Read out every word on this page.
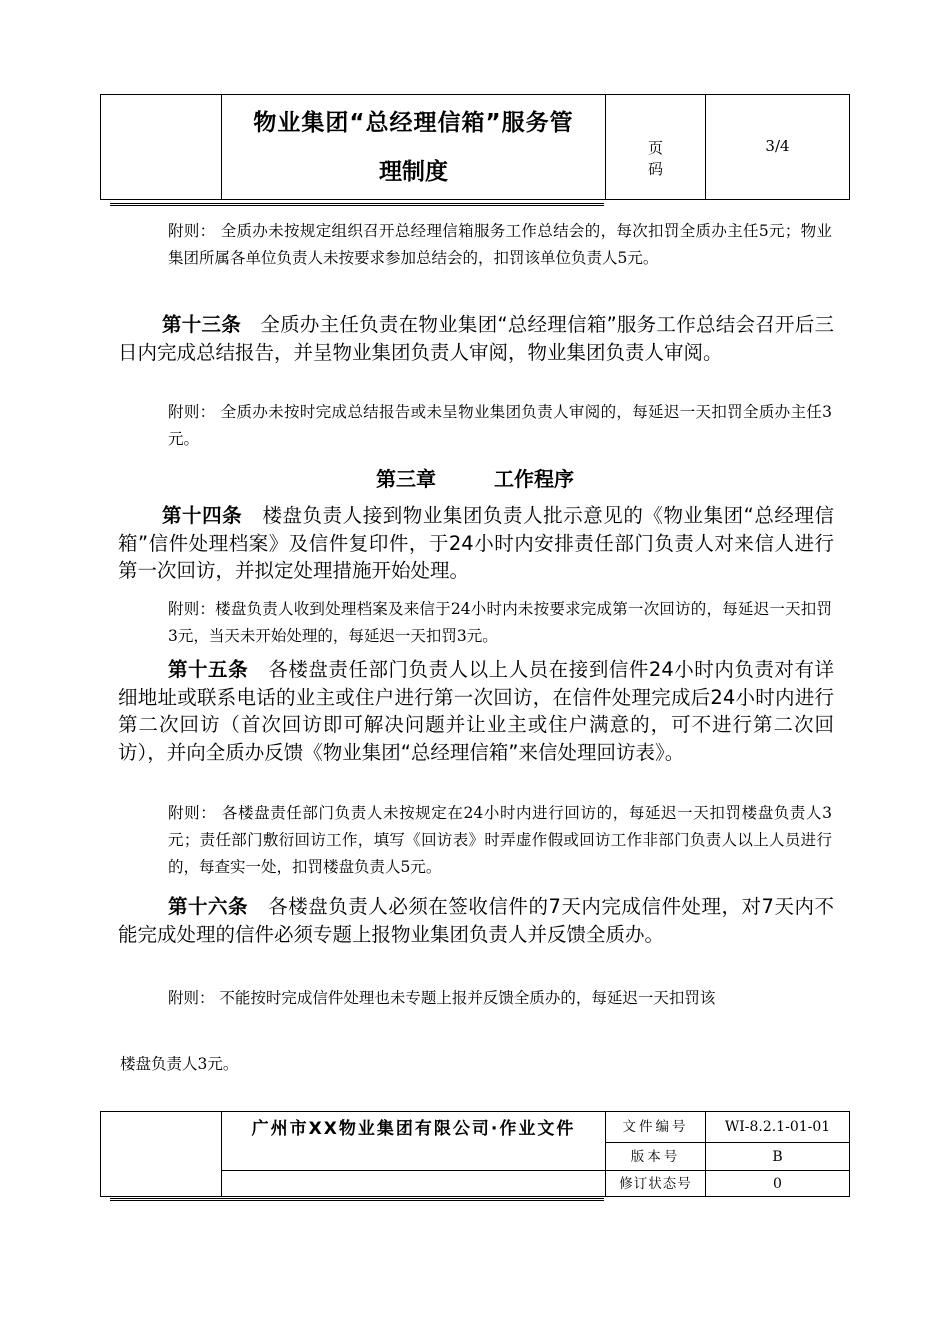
物业集团“总经理信箱”服务管
理制度
页码
3/4
附则： 全质办未按规定组织召开总经理信箱服务工作总结会的，每次扣罚全质办主任5元；物业集团所属各单位负责人未按要求参加总结会的，扣罚该单位负责人5元。
第十三条 全质办主任负责在物业集团“总经理信箱”服务工作总结会召开后三日内完成总结报告，并呈物业集团负责人审阅，物业集团负责人审阅。
附则： 全质办未按时完成总结报告或未呈物业集团负责人审阅的，每延迟一天扣罚全质办主任3元。
第三章	工作程序
第十四条 楼盘负责人接到物业集团负责人批示意见的《物业集团“总经理信箱”信件处理档案》及信件复印件，于24小时内安排责任部门负责人对来信人进行第一次回访，并拟定处理措施开始处理。
附则：楼盘负责人收到处理档案及来信于24小时内未按要求完成第一次回访的，每延迟一天扣罚3元，当天未开始处理的，每延迟一天扣罚3元。
第十五条 各楼盘责任部门负责人以上人员在接到信件24小时内负责对有详细地址或联系电话的业主或住户进行第一次回访，在信件处理完成后24小时内进行第二次回访（首次回访即可解决问题并让业主或住户满意的，可不进行第二次回访），并向全质办反馈《物业集团“总经理信箱”来信处理回访表》。
附则： 各楼盘责任部门负责人未按规定在24小时内进行回访的，每延迟一天扣罚楼盘负责人3元；责任部门敷衍回访工作，填写《回访表》时弄虚作假或回访工作非部门负责人以上人员进行的，每查实一处，扣罚楼盘负责人5元。
第十六条 各楼盘负责人必须在签收信件的7天内完成信件处理，对7天内不能完成处理的信件必须专题上报物业集团负责人并反馈全质办。
附则： 不能按时完成信件处理也未专题上报并反馈全质办的，每延迟一天扣罚该
楼盘负责人3元。
广州市XX物业集团有限公司·作业文件	文件编号
版本号
修订状态号
WI-8.2.1-01-01
B
0
